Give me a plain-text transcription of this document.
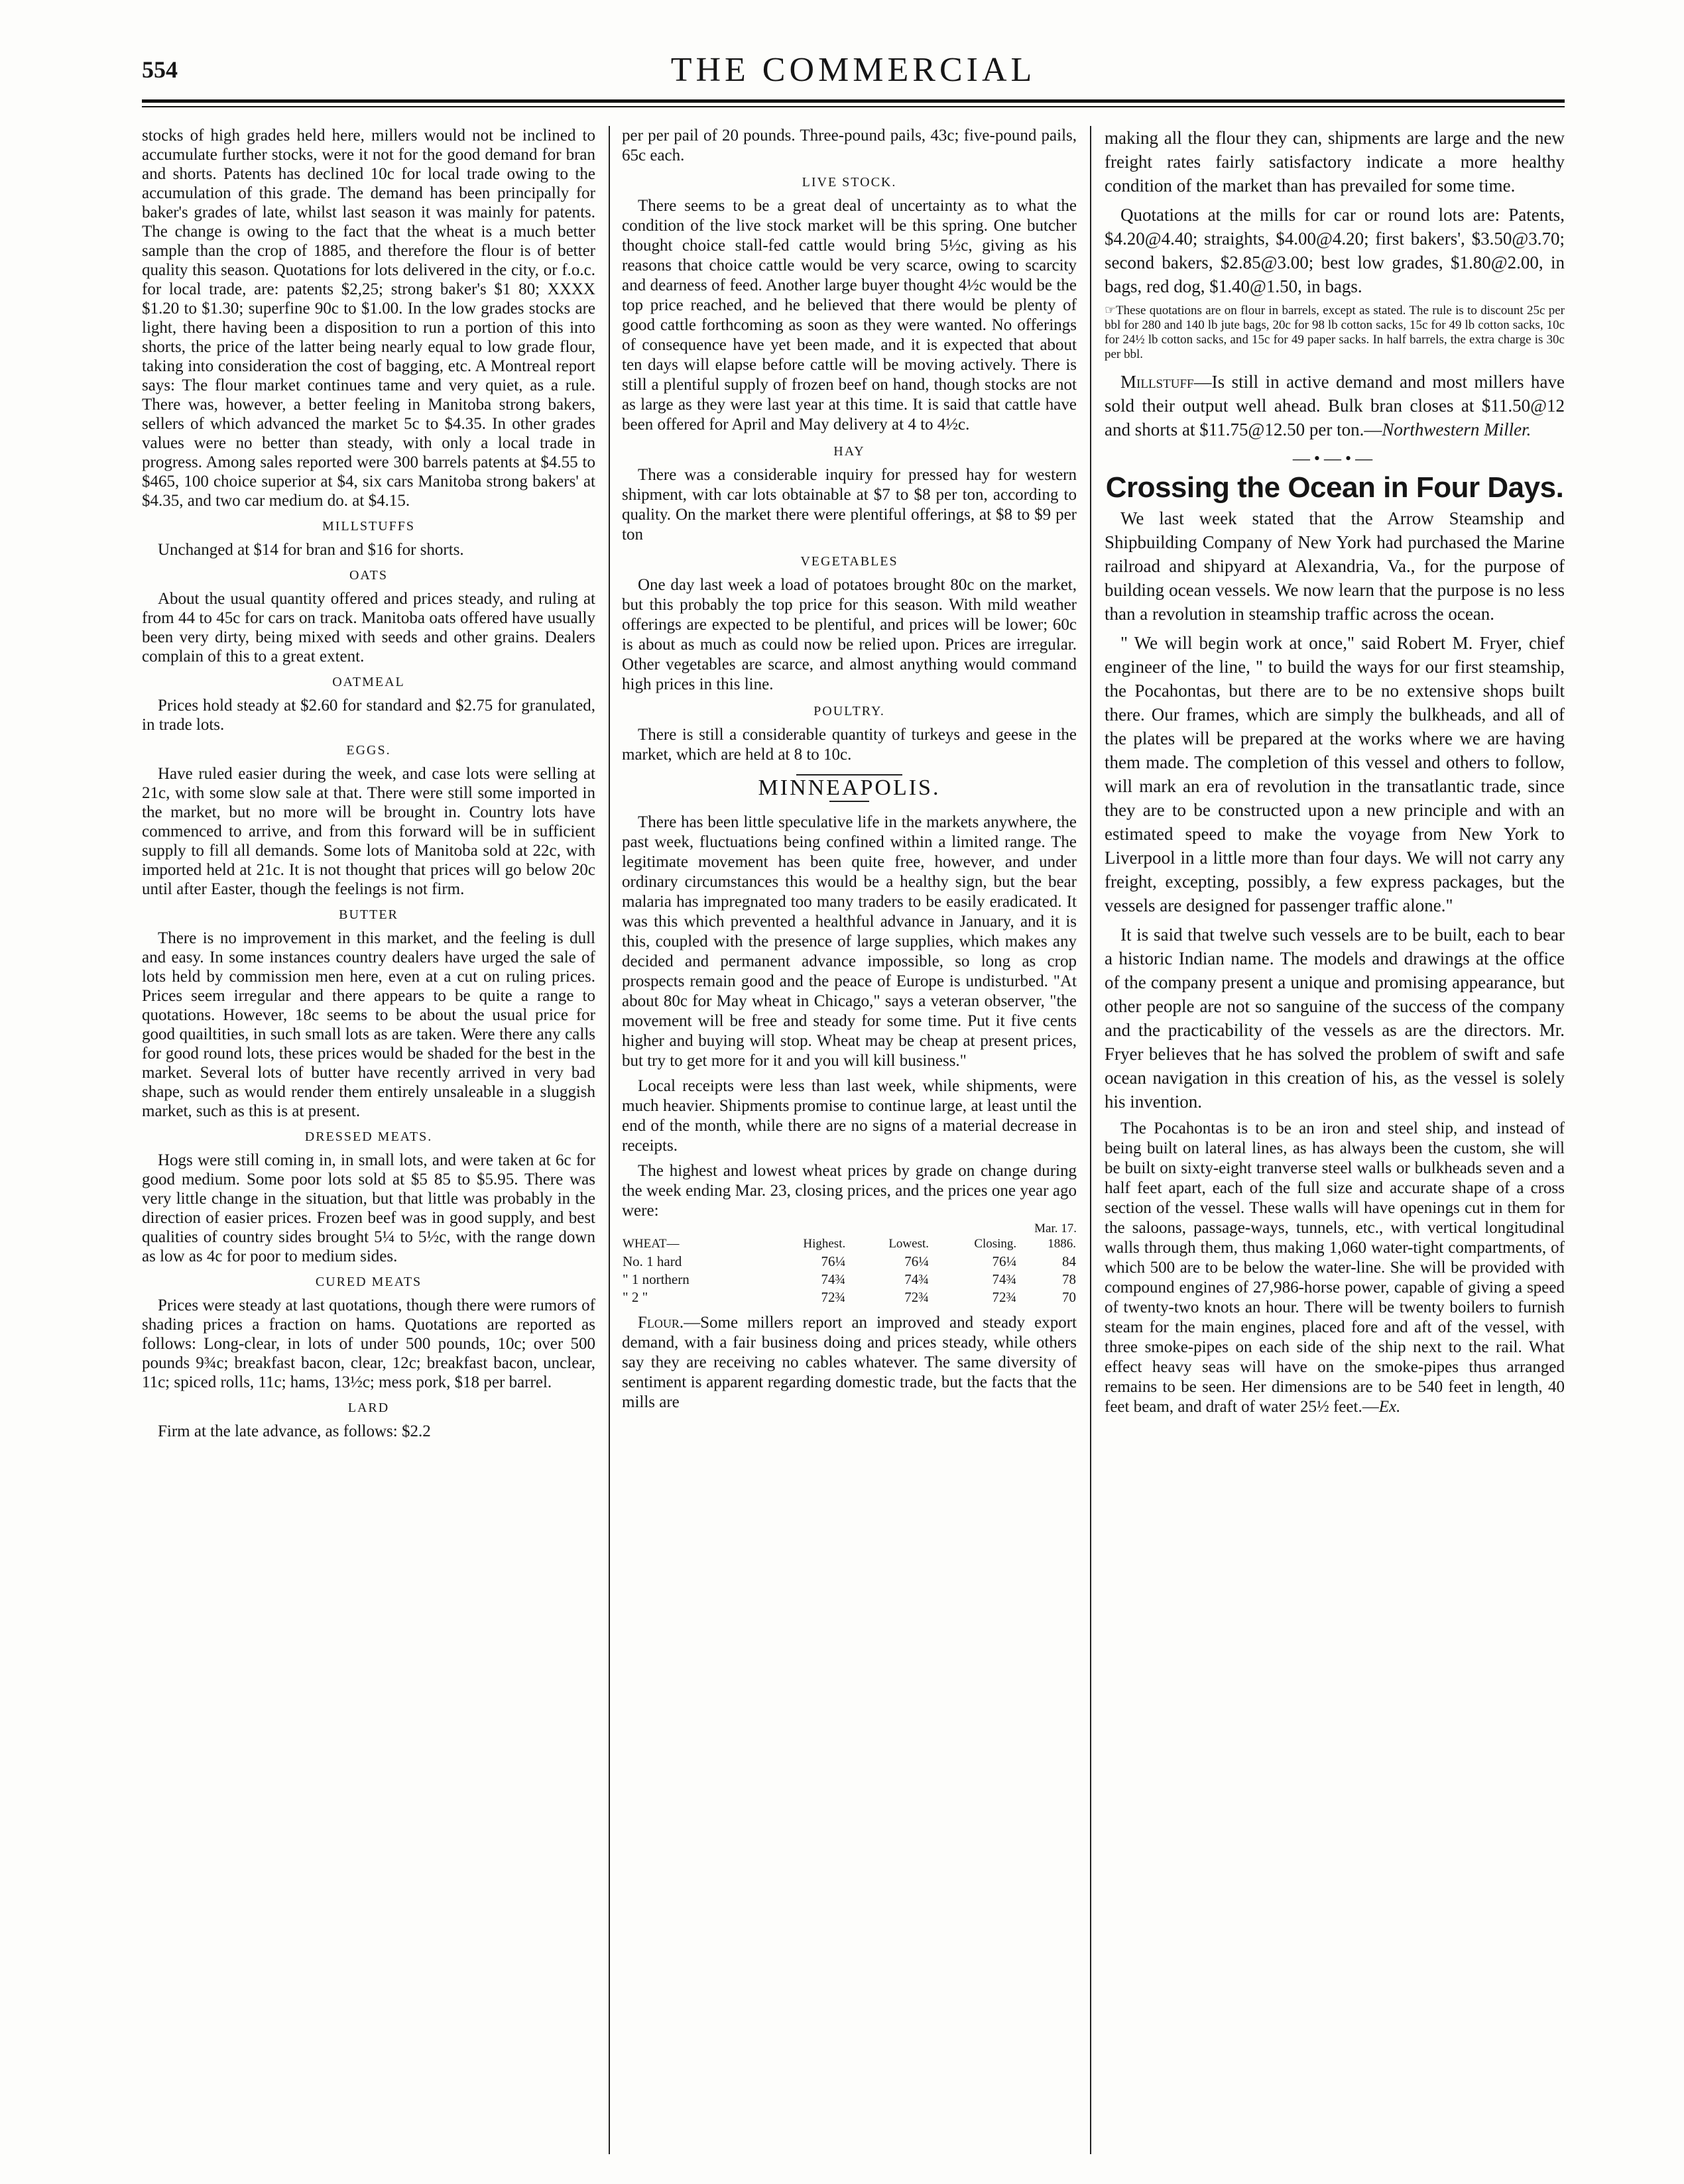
554	THE COMMERCIAL

stocks of high grades held here, millers would not be inclined to accumulate further stocks, were it not for the good demand for bran and shorts. Patents has declined 10c for local trade owing to the accumulation of this grade. The demand has been principally for baker's grades of late, whilst last season it was mainly for patents. The change is owing to the fact that the wheat is a much better sample than the crop of 1885, and therefore the flour is of better quality this season. Quotations for lots delivered in the city, or f.o.c. for local trade, are: patents $2,25; strong baker's $1 80; XXXX $1.20 to $1.30; superfine 90c to $1.00. In the low grades stocks are light, there having been a disposition to run a portion of this into shorts, the price of the latter being nearly equal to low grade flour, taking into consideration the cost of bagging, etc. A Montreal report says: The flour market continues tame and very quiet, as a rule. There was, however, a better feeling in Manitoba strong bakers, sellers of which advanced the market 5c to $4.35. In other grades values were no better than steady, with only a local trade in progress. Among sales reported were 300 barrels patents at $4.55 to $465, 100 choice superior at $4, six cars Manitoba strong bakers' at $4.35, and two car medium do. at $4.15.

MILLSTUFFS

Unchanged at $14 for bran and $16 for shorts.

OATS

About the usual quantity offered and prices steady, and ruling at from 44 to 45c for cars on track. Manitoba oats offered have usually been very dirty, being mixed with seeds and other grains. Dealers complain of this to a great extent.

OATMEAL

Prices hold steady at $2.60 for standard and $2.75 for granulated, in trade lots.

EGGS.

Have ruled easier during the week, and case lots were selling at 21c, with some slow sale at that. There were still some imported in the market, but no more will be brought in. Country lots have commenced to arrive, and from this forward will be in sufficient supply to fill all demands. Some lots of Manitoba sold at 22c, with imported held at 21c. It is not thought that prices will go below 20c until after Easter, though the feelings is not firm.

BUTTER

There is no improvement in this market, and the feeling is dull and easy. In some instances country dealers have urged the sale of lots held by commission men here, even at a cut on ruling prices. Prices seem irregular and there appears to be quite a range to quotations. However, 18c seems to be about the usual price for good quailtities, in such small lots as are taken. Were there any calls for good round lots, these prices would be shaded for the best in the market. Several lots of butter have recently arrived in very bad shape, such as would render them entirely unsaleable in a sluggish market, such as this is at present.

DRESSED MEATS.

Hogs were still coming in, in small lots, and were taken at 6c for good medium. Some poor lots sold at $5 85 to $5.95. There was very little change in the situation, but that little was probably in the direction of easier prices. Frozen beef was in good supply, and best qualities of country sides brought 5¼ to 5½c, with the range down as low as 4c for poor to medium sides.

CURED MEATS

Prices were steady at last quotations, though there were rumors of shading prices a fraction on hams. Quotations are reported as follows: Long-clear, in lots of under 500 pounds, 10c; over 500 pounds 9¾c; breakfast bacon, clear, 12c; breakfast bacon, unclear, 11c; spiced rolls, 11c; hams, 13½c; mess pork, $18 per barrel.

LARD

Firm at the late advance, as follows: $2.2

per per pail of 20 pounds. Three-pound pails, 43c; five-pound pails, 65c each.

LIVE STOCK.

There seems to be a great deal of uncertainty as to what the condition of the live stock market will be this spring. One butcher thought choice stall-fed cattle would bring 5½c, giving as his reasons that choice cattle would be very scarce, owing to scarcity and dearness of feed. Another large buyer thought 4½c would be the top price reached, and he believed that there would be plenty of good cattle forthcoming as soon as they were wanted. No offerings of consequence have yet been made, and it is expected that about ten days will elapse before cattle will be moving actively. There is still a plentiful supply of frozen beef on hand, though stocks are not as large as they were last year at this time. It is said that cattle have been offered for April and May delivery at 4 to 4½c.

HAY

There was a considerable inquiry for pressed hay for western shipment, with car lots obtainable at $7 to $8 per ton, according to quality. On the market there were plentiful offerings, at $8 to $9 per ton

VEGETABLES

One day last week a load of potatoes brought 80c on the market, but this probably the top price for this season. With mild weather offerings are expected to be plentiful, and prices will be lower; 60c is about as much as could now be relied upon. Prices are irregular. Other vegetables are scarce, and almost anything would command high prices in this line.

POULTRY.

There is still a considerable quantity of turkeys and geese in the market, which are held at 8 to 10c.

MINNEAPOLIS.

There has been little speculative life in the markets anywhere, the past week, fluctuations being confined within a limited range. The legitimate movement has been quite free, however, and under ordinary circumstances this would be a healthy sign, but the bear malaria has impregnated too many traders to be easily eradicated. It was this which prevented a healthful advance in January, and it is this, coupled with the presence of large supplies, which makes any decided and permanent advance impossible, so long as crop prospects remain good and the peace of Europe is undisturbed. "At about 80c for May wheat in Chicago," says a veteran observer, "the movement will be free and steady for some time. Put it five cents higher and buying will stop. Wheat may be cheap at present prices, but try to get more for it and you will kill business."

Local receipts were less than last week, while shipments, were much heavier. Shipments promise to continue large, at least until the end of the month, while there are no signs of a material decrease in receipts.

The highest and lowest wheat prices by grade on change during the week ending Mar. 23, closing prices, and the prices one year ago were:

Mar. 17.
WHEAT—	Highest.	Lowest.	Closing.	1886.
No. 1 hard	76¼	76¼	76¼	84
" 1 northern	74¾	74¾	74¾	78
" 2 "	72¾	72¾	72¾	70

Flour.—Some millers report an improved and steady export demand, with a fair business doing and prices steady, while others say they are receiving no cables whatever. The same diversity of sentiment is apparent regarding domestic trade, but the facts that the mills are

making all the flour they can, shipments are large and the new freight rates fairly satisfactory indicate a more healthy condition of the market than has prevailed for some time.

Quotations at the mills for car or round lots are: Patents, $4.20@4.40; straights, $4.00@4.20; first bakers', $3.50@3.70; second bakers, $2.85@3.00; best low grades, $1.80@2.00, in bags, red dog, $1.40@1.50, in bags.

☞These quotations are on flour in barrels, except as stated. The rule is to discount 25c per bbl for 280 and 140 lb jute bags, 20c for 98 lb cotton sacks, 15c for 49 lb cotton sacks, 10c for 24½ lb cotton sacks, and 15c for 49 paper sacks. In half barrels, the extra charge is 30c per bbl.

Millstuff—Is still in active demand and most millers have sold their output well ahead. Bulk bran closes at $11.50@12 and shorts at $11.75@12.50 per ton.—Northwestern Miller.

—•—•—
Crossing the Ocean in Four Days.

We last week stated that the Arrow Steamship and Shipbuilding Company of New York had purchased the Marine railroad and shipyard at Alexandria, Va., for the purpose of building ocean vessels. We now learn that the purpose is no less than a revolution in steamship traffic across the ocean.

" We will begin work at once," said Robert M. Fryer, chief engineer of the line, " to build the ways for our first steamship, the Pocahontas, but there are to be no extensive shops built there. Our frames, which are simply the bulkheads, and all of the plates will be prepared at the works where we are having them made. The completion of this vessel and others to follow, will mark an era of revolution in the transatlantic trade, since they are to be constructed upon a new principle and with an estimated speed to make the voyage from New York to Liverpool in a little more than four days. We will not carry any freight, excepting, possibly, a few express packages, but the vessels are designed for passenger traffic alone."

It is said that twelve such vessels are to be built, each to bear a historic Indian name. The models and drawings at the office of the company present a unique and promising appearance, but other people are not so sanguine of the success of the company and the practicability of the vessels as are the directors. Mr. Fryer believes that he has solved the problem of swift and safe ocean navigation in this creation of his, as the vessel is solely his invention.

The Pocahontas is to be an iron and steel ship, and instead of being built on lateral lines, as has always been the custom, she will be built on sixty-eight tranverse steel walls or bulkheads seven and a half feet apart, each of the full size and accurate shape of a cross section of the vessel. These walls will have openings cut in them for the saloons, passage-ways, tunnels, etc., with vertical longitudinal walls through them, thus making 1,060 water-tight compartments, of which 500 are to be below the water-line. She will be provided with compound engines of 27,986-horse power, capable of giving a speed of twenty-two knots an hour. There will be twenty boilers to furnish steam for the main engines, placed fore and aft of the vessel, with three smoke-pipes on each side of the ship next to the rail. What effect heavy seas will have on the smoke-pipes thus arranged remains to be seen. Her dimensions are to be 540 feet in length, 40 feet beam, and draft of water 25½ feet.—Ex.
